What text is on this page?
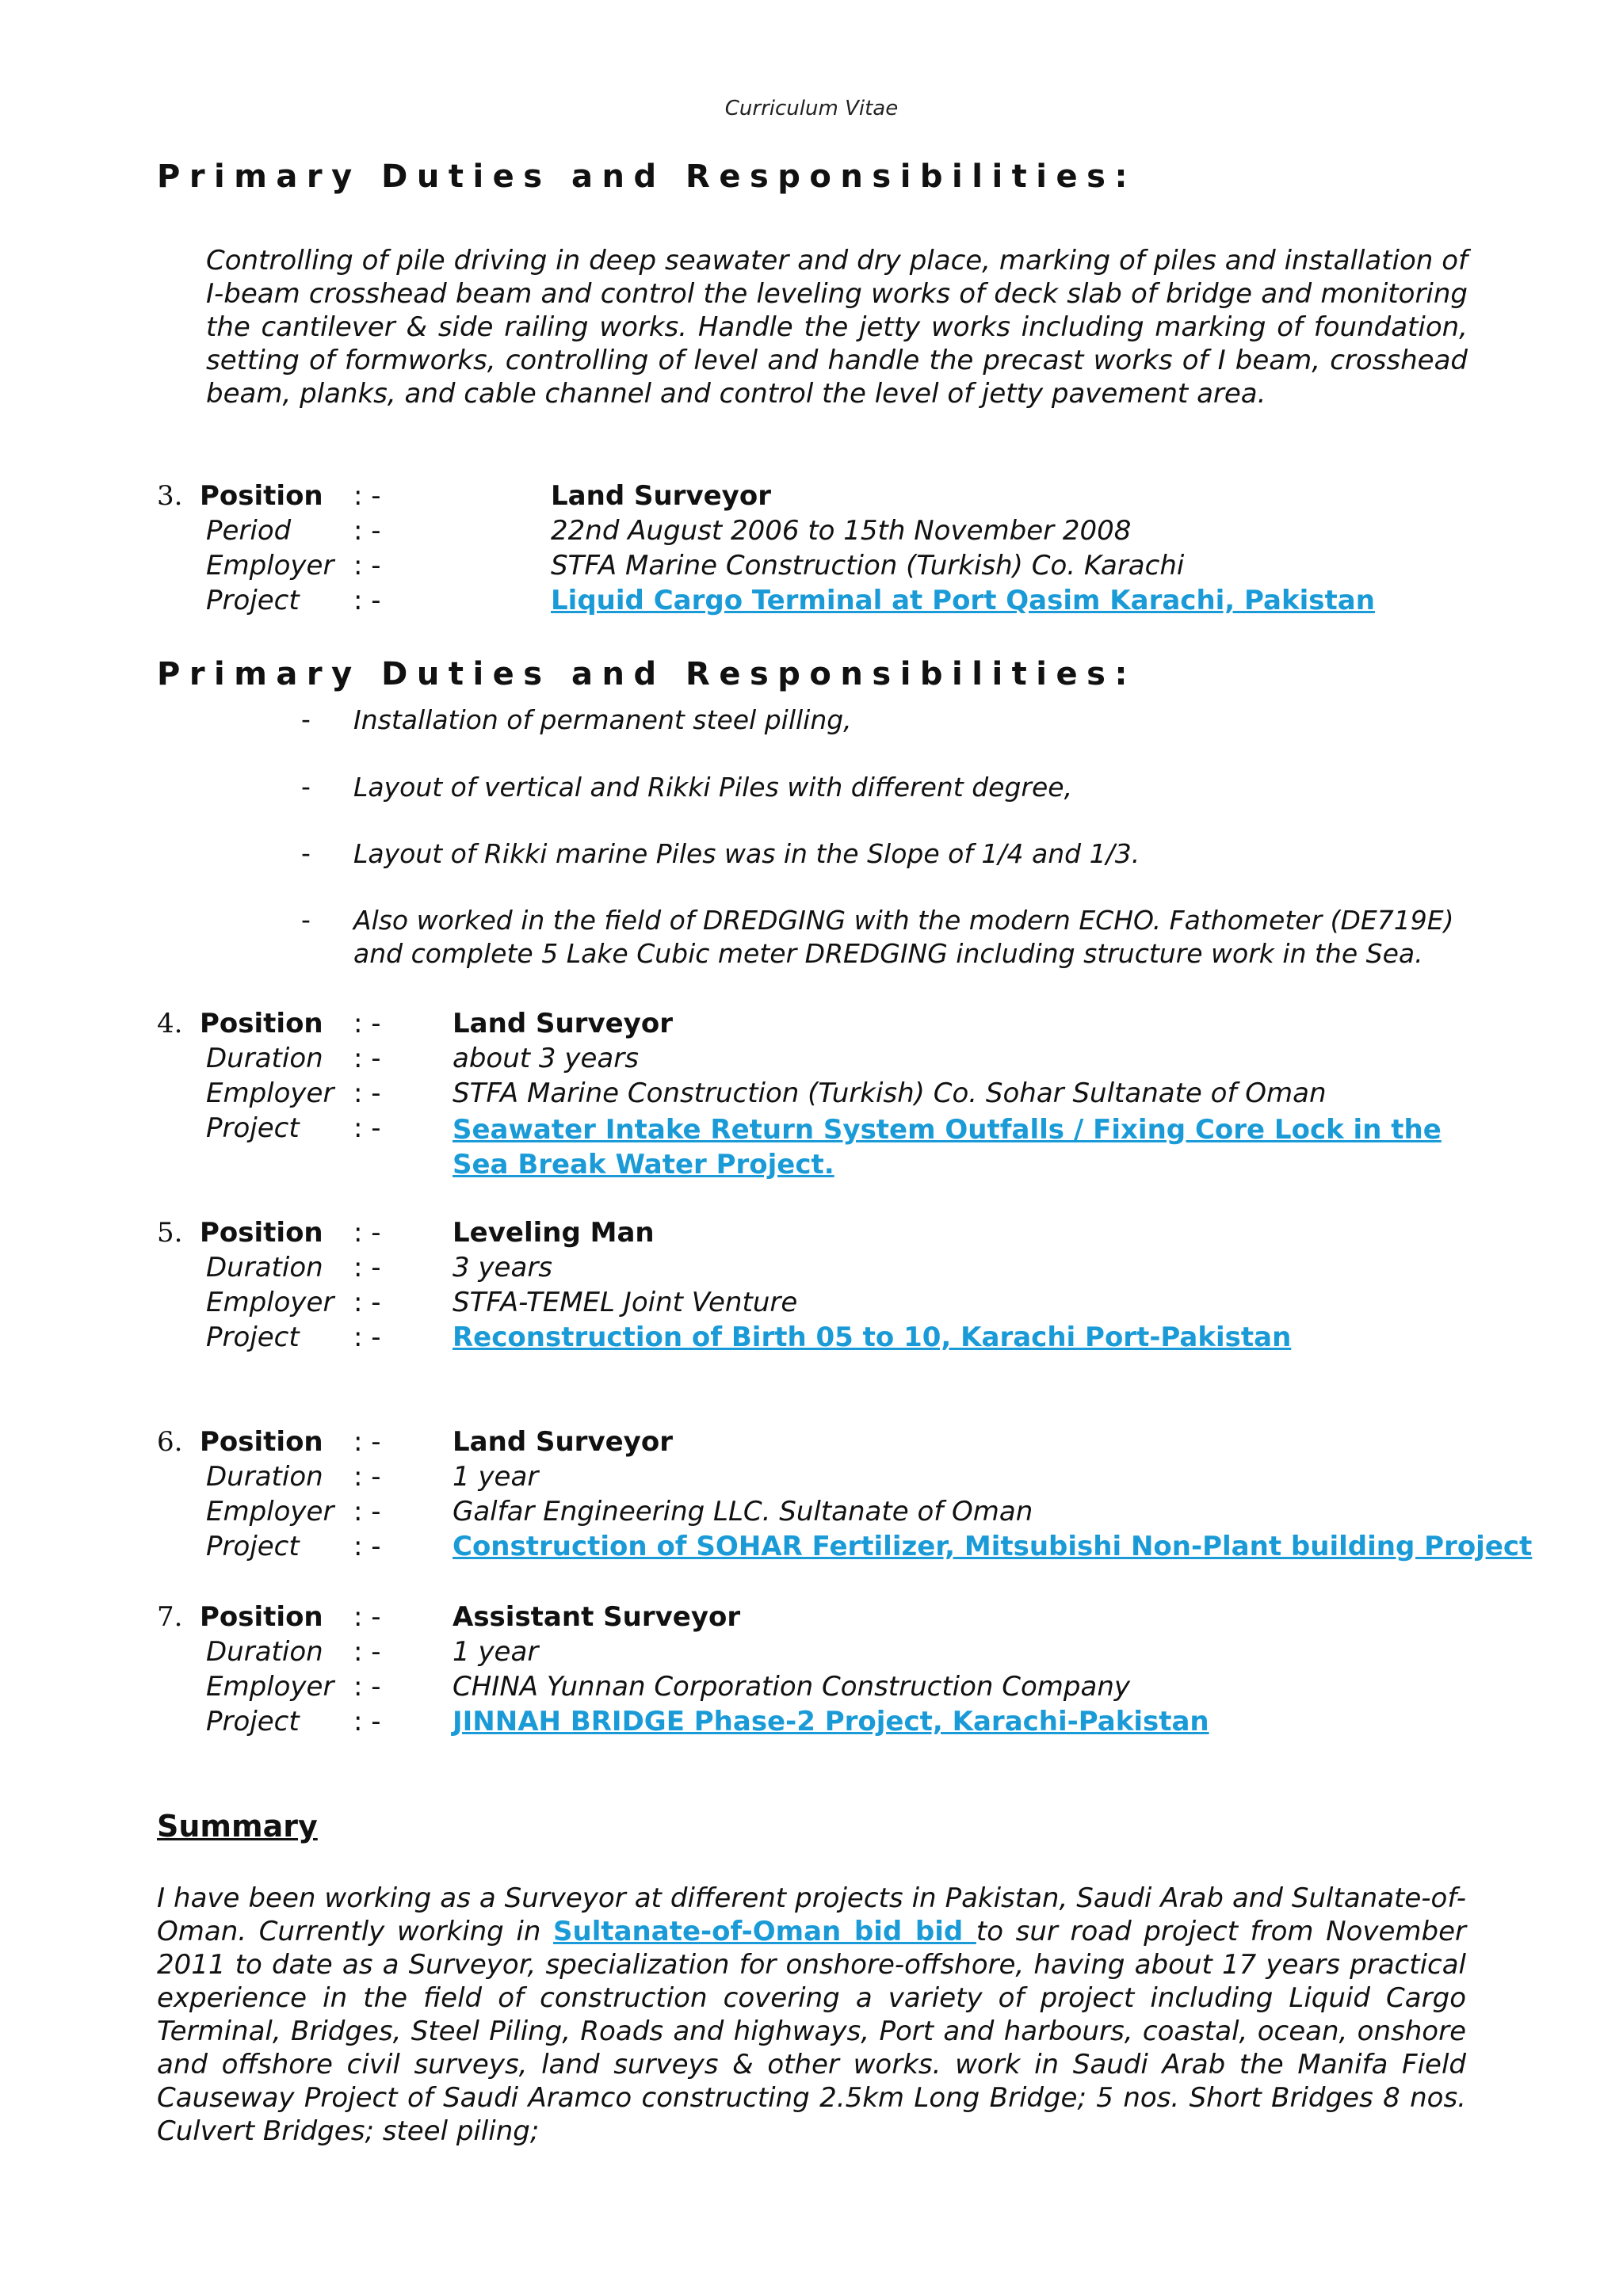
Curriculum Vitae
Primary Duties and Responsibilities:
Controlling of pile driving in deep seawater and dry place, marking of piles and installation of I-beam crosshead beam and control the leveling works of deck slab of bridge and monitoring the cantilever & side railing works. Handle the jetty works including marking of foundation, setting of formworks, controlling of level and handle the precast works of I beam, crosshead beam, planks, and cable channel and control the level of jetty pavement area.
3. Position : -	Land Surveyor
Period : -	22nd August 2006 to 15th November 2008
Employer : -	STFA Marine Construction (Turkish) Co. Karachi
Project : -	Liquid Cargo Terminal at Port Qasim Karachi, Pakistan
Primary Duties and Responsibilities:
- Installation of permanent steel pilling,
- Layout of vertical and Rikki Piles with different degree,
- Layout of Rikki marine Piles was in the Slope of 1/4 and 1/3.
- Also worked in the field of DREDGING with the modern ECHO. Fathometer (DE719E) and complete 5 Lake Cubic meter DREDGING including structure work in the Sea.
4. Position : -	Land Surveyor
Duration : -	about 3 years
Employer : -	STFA Marine Construction (Turkish) Co. Sohar Sultanate of Oman
Project : -	Seawater Intake Return System Outfalls / Fixing Core Lock in the Sea Break Water Project.
5. Position : -	Leveling Man
Duration : -	3 years
Employer : -	STFA-TEMEL Joint Venture
Project : -	Reconstruction of Birth 05 to 10, Karachi Port-Pakistan
6. Position : -	Land Surveyor
Duration : -	1 year
Employer : -	Galfar Engineering LLC. Sultanate of Oman
Project : -	Construction of SOHAR Fertilizer, Mitsubishi Non-Plant building Project
7. Position : -	Assistant Surveyor
Duration : -	1 year
Employer : -	CHINA Yunnan Corporation Construction Company
Project : -	JINNAH BRIDGE Phase-2 Project, Karachi-Pakistan
Summary
I have been working as a Surveyor at different projects in Pakistan, Saudi Arab and Sultanate-of-Oman. Currently working in Sultanate-of-Oman bid bid to sur road project from November 2011 to date as a Surveyor, specialization for onshore-offshore, having about 17 years practical experience in the field of construction covering a variety of project including Liquid Cargo Terminal, Bridges, Steel Piling, Roads and highways, Port and harbours, coastal, ocean, onshore and offshore civil surveys, land surveys & other works. work in Saudi Arab the Manifa Field Causeway Project of Saudi Aramco constructing 2.5km Long Bridge; 5 nos. Short Bridges 8 nos. Culvert Bridges; steel piling;
